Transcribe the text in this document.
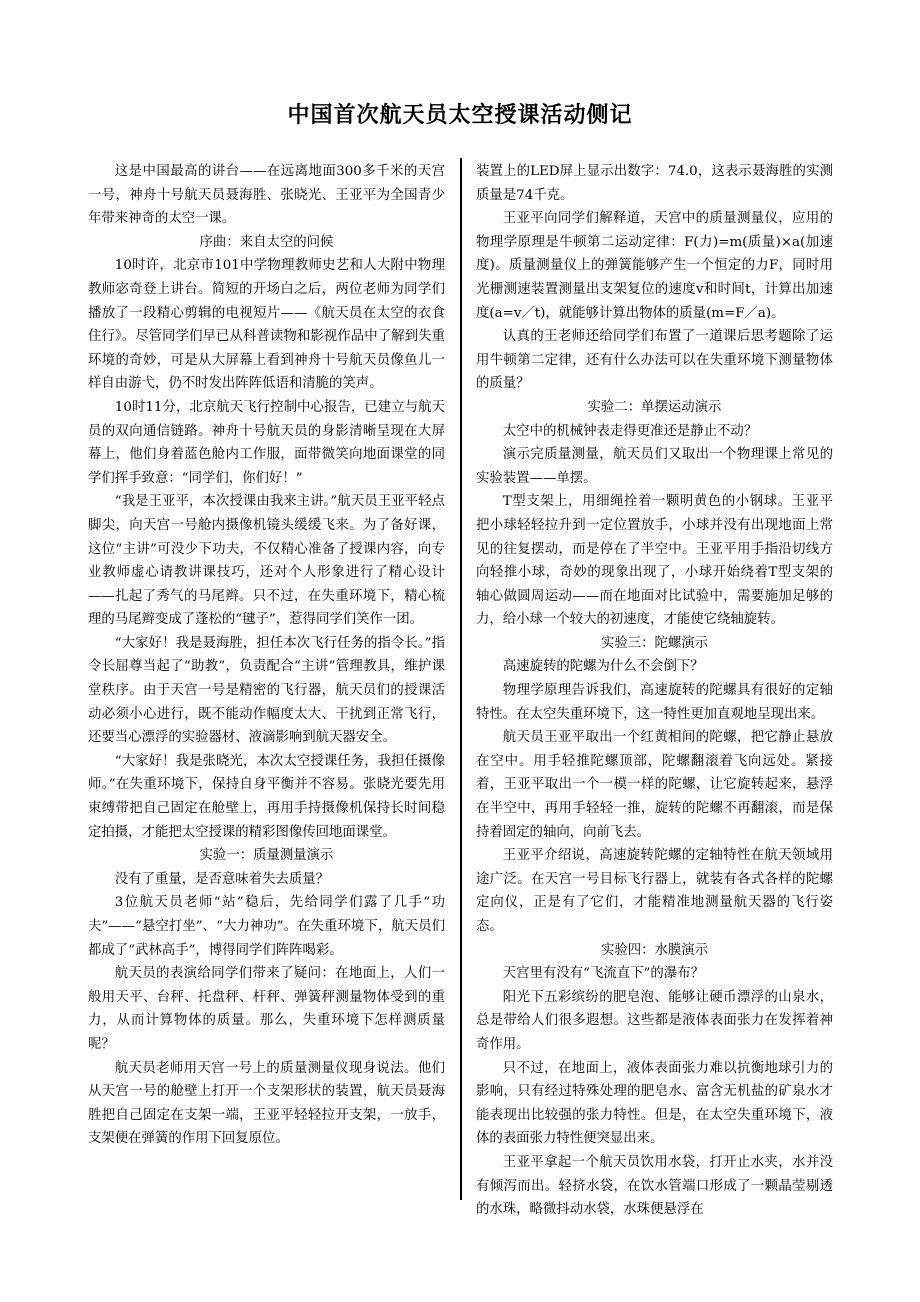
中国首次航天员太空授课活动侧记

这是中国最高的讲台——在远离地面300多千米的天宫一号，神舟十号航天员聂海胜、张晓光、王亚平为全国青少年带来神奇的太空一课。

序曲：来自太空的问候

10时许，北京市101中学物理教师史艺和人大附中物理教师宓奇登上讲台。简短的开场白之后，两位老师为同学们播放了一段精心剪辑的电视短片——《航天员在太空的衣食住行》。尽管同学们早已从科普读物和影视作品中了解到失重环境的奇妙，可是从大屏幕上看到神舟十号航天员像鱼儿一样自由游弋，仍不时发出阵阵低语和清脆的笑声。

10时11分，北京航天飞行控制中心报告，已建立与航天员的双向通信链路。神舟十号航天员的身影清晰呈现在大屏幕上，他们身着蓝色舱内工作服，面带微笑向地面课堂的同学们挥手致意：“同学们，你们好！”

“我是王亚平，本次授课由我来主讲。”航天员王亚平轻点脚尖，向天宫一号舱内摄像机镜头缓缓飞来。为了备好课，这位“主讲”可没少下功夫，不仅精心准备了授课内容，向专业教师虚心请教讲课技巧，还对个人形象进行了精心设计——扎起了秀气的马尾辫。只不过，在失重环境下，精心梳理的马尾辫变成了蓬松的“毽子”，惹得同学们笑作一团。

“大家好！我是聂海胜，担任本次飞行任务的指令长。”指令长屈尊当起了“助教”，负责配合“主讲”管理教具，维护课堂秩序。由于天宫一号是精密的飞行器，航天员们的授课活动必须小心进行，既不能动作幅度太大、干扰到正常飞行，还要当心漂浮的实验器材、液滴影响到航天器安全。

“大家好！我是张晓光，本次太空授课任务，我担任摄像师。”在失重环境下，保持自身平衡并不容易。张晓光要先用束缚带把自己固定在舱壁上，再用手持摄像机保持长时间稳定拍摄，才能把太空授课的精彩图像传回地面课堂。

实验一：质量测量演示

没有了重量，是否意味着失去质量？

3位航天员老师“站”稳后，先给同学们露了几手“功夫”——“悬空打坐”、“大力神功”。在失重环境下，航天员们都成了“武林高手”，博得同学们阵阵喝彩。

航天员的表演给同学们带来了疑问：在地面上，人们一般用天平、台秤、托盘秤、杆秤、弹簧秤测量物体受到的重力，从而计算物体的质量。那么，失重环境下怎样测质量呢？

航天员老师用天宫一号上的质量测量仪现身说法。他们从天宫一号的舱壁上打开一个支架形状的装置，航天员聂海胜把自己固定在支架一端，王亚平轻轻拉开支架，一放手，支架便在弹簧的作用下回复原位。

装置上的LED屏上显示出数字：74.0，这表示聂海胜的实测质量是74千克。

王亚平向同学们解释道，天宫中的质量测量仪，应用的物理学原理是牛顿第二运动定律：F(力)=m(质量)×a(加速度)。质量测量仪上的弹簧能够产生一个恒定的力F，同时用光栅测速装置测量出支架复位的速度v和时间t，计算出加速度(a=v／t)，就能够计算出物体的质量(m=F／a)。

认真的王老师还给同学们布置了一道课后思考题除了运用牛顿第二定律，还有什么办法可以在失重环境下测量物体的质量？

实验二：单摆运动演示

太空中的机械钟表走得更准还是静止不动？

演示完质量测量，航天员们又取出一个物理课上常见的实验装置——单摆。

T型支架上，用细绳拴着一颗明黄色的小钢球。王亚平把小球轻轻拉升到一定位置放手，小球并没有出现地面上常见的往复摆动，而是停在了半空中。王亚平用手指沿切线方向轻推小球，奇妙的现象出现了，小球开始绕着T型支架的轴心做圆周运动——而在地面对比试验中，需要施加足够的力，给小球一个较大的初速度，才能使它绕轴旋转。

实验三：陀螺演示

高速旋转的陀螺为什么不会倒下？

物理学原理告诉我们，高速旋转的陀螺具有很好的定轴特性。在太空失重环境下，这一特性更加直观地呈现出来。

航天员王亚平取出一个红黄相间的陀螺，把它静止悬放在空中。用手轻推陀螺顶部，陀螺翻滚着飞向远处。紧接着，王亚平取出一个一模一样的陀螺，让它旋转起来，悬浮在半空中，再用手轻轻一推，旋转的陀螺不再翻滚，而是保持着固定的轴向，向前飞去。

王亚平介绍说，高速旋转陀螺的定轴特性在航天领域用途广泛。在天宫一号目标飞行器上，就装有各式各样的陀螺定向仪，正是有了它们，才能精准地测量航天器的飞行姿态。

实验四：水膜演示

天宫里有没有“飞流直下”的瀑布？

阳光下五彩缤纷的肥皂泡、能够让硬币漂浮的山泉水，总是带给人们很多遐想。这些都是液体表面张力在发挥着神奇作用。

只不过，在地面上，液体表面张力难以抗衡地球引力的影响，只有经过特殊处理的肥皂水、富含无机盐的矿泉水才能表现出比较强的张力特性。但是，在太空失重环境下，液体的表面张力特性便突显出来。

王亚平拿起一个航天员饮用水袋，打开止水夹，水并没有倾泻而出。轻挤水袋，在饮水管端口形成了一颗晶莹剔透的水珠，略微抖动水袋，水珠便悬浮在
